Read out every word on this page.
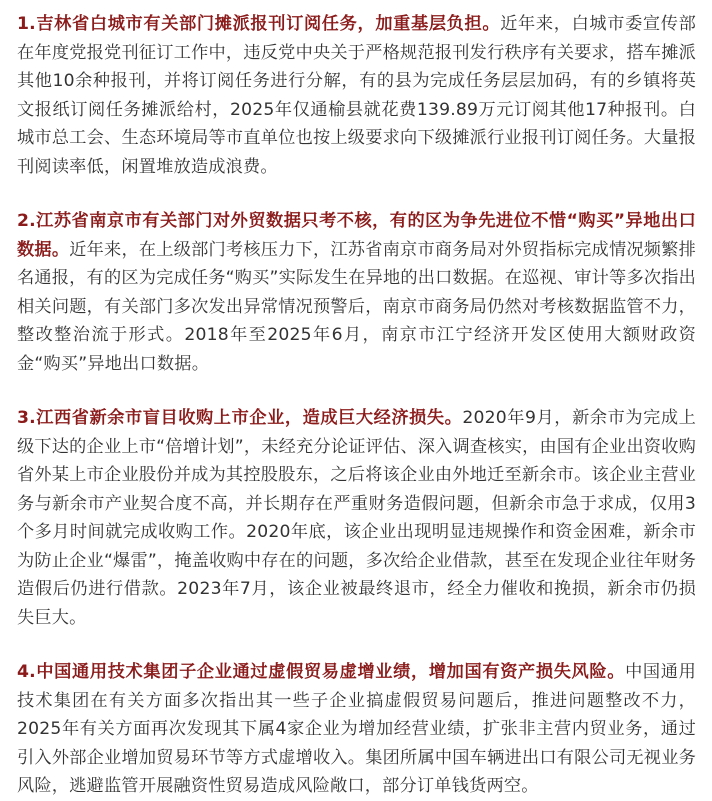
1.吉林省白城市有关部门摊派报刊订阅任务，加重基层负担。近年来，白城市委宣传部在年度党报党刊征订工作中，违反党中央关于严格规范报刊发行秩序有关要求，搭车摊派其他10余种报刊，并将订阅任务进行分解，有的县为完成任务层层加码，有的乡镇将英文报纸订阅任务摊派给村，2025年仅通榆县就花费139.89万元订阅其他17种报刊。白城市总工会、生态环境局等市直单位也按上级要求向下级摊派行业报刊订阅任务。大量报刊阅读率低，闲置堆放造成浪费。

2.江苏省南京市有关部门对外贸数据只考不核，有的区为争先进位不惜“购买”异地出口数据。近年来，在上级部门考核压力下，江苏省南京市商务局对外贸指标完成情况频繁排名通报，有的区为完成任务“购买”实际发生在异地的出口数据。在巡视、审计等多次指出相关问题，有关部门多次发出异常情况预警后，南京市商务局仍然对考核数据监管不力，整改整治流于形式。2018年至2025年6月，南京市江宁经济开发区使用大额财政资金“购买”异地出口数据。

3.江西省新余市盲目收购上市企业，造成巨大经济损失。2020年9月，新余市为完成上级下达的企业上市“倍增计划”，未经充分论证评估、深入调查核实，由国有企业出资收购省外某上市企业股份并成为其控股股东，之后将该企业由外地迁至新余市。该企业主营业务与新余市产业契合度不高，并长期存在严重财务造假问题，但新余市急于求成，仅用3个多月时间就完成收购工作。2020年底，该企业出现明显违规操作和资金困难，新余市为防止企业“爆雷”，掩盖收购中存在的问题，多次给企业借款，甚至在发现企业往年财务造假后仍进行借款。2023年7月，该企业被最终退市，经全力催收和挽损，新余市仍损失巨大。

4.中国通用技术集团子企业通过虚假贸易虚增业绩，增加国有资产损失风险。中国通用技术集团在有关方面多次指出其一些子企业搞虚假贸易问题后，推进问题整改不力，2025年有关方面再次发现其下属4家企业为增加经营业绩，扩张非主营内贸业务，通过引入外部企业增加贸易环节等方式虚增收入。集团所属中国车辆进出口有限公司无视业务风险，逃避监管开展融资性贸易造成风险敞口，部分订单钱货两空。
